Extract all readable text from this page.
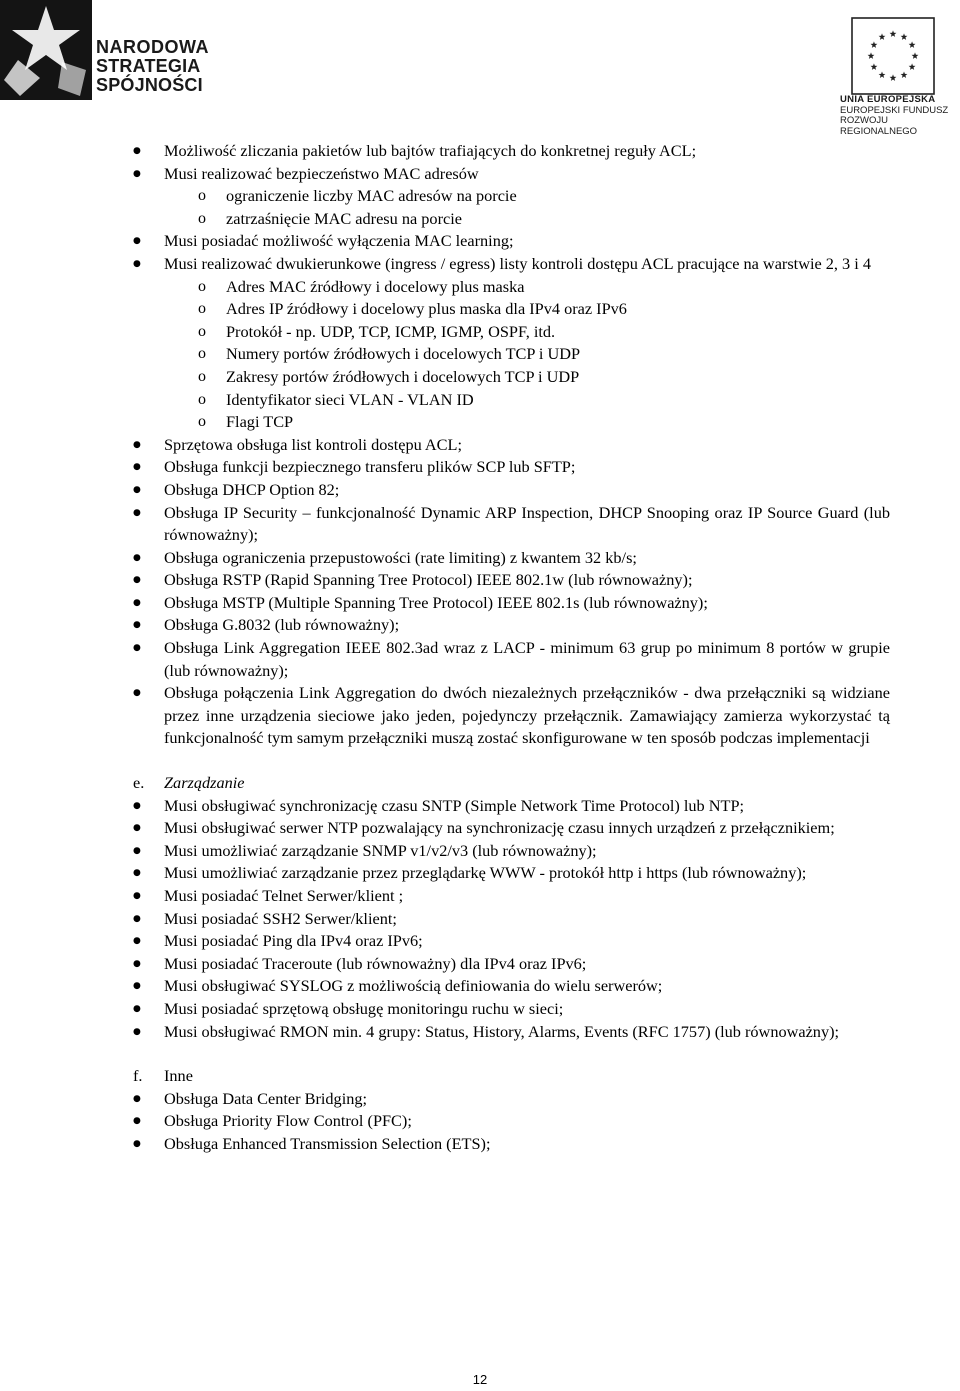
NARODOWA
STRATEGIA SPÓJNOŚCI
UNIA EUROPEJSKA
EUROPEJSKI FUNDUSZ
ROZWOJU REGIONALNEGO
● Możliwość zliczania pakietów lub bajtów trafiających do konkretnej reguły ACL;
● Musi realizować bezpieczeństwo MAC adresów
o ograniczenie liczby MAC adresów na porcie
o zatrzaśnięcie MAC adresu na porcie
● Musi posiadać możliwość wyłączenia MAC learning;
● Musi realizować dwukierunkowe (ingress / egress) listy kontroli dostępu ACL pracujące na warstwie 2, 3 i 4
o Adres MAC źródłowy i docelowy plus maska
o Adres IP źródłowy i docelowy plus maska dla IPv4 oraz IPv6
o Protokół - np. UDP, TCP, ICMP, IGMP, OSPF, itd.
o Numery portów źródłowych i docelowych TCP i UDP
o Zakresy portów źródłowych i docelowych TCP i UDP
o Identyfikator sieci VLAN - VLAN ID
o Flagi TCP
● Sprzętowa obsługa list kontroli dostępu ACL;
● Obsługa funkcji bezpiecznego transferu plików SCP lub SFTP;
● Obsługa DHCP Option 82;
● Obsługa IP Security – funkcjonalność Dynamic ARP Inspection, DHCP Snooping oraz IP Source Guard (lub równoważny);
● Obsługa ograniczenia przepustowości (rate limiting) z kwantem 32 kb/s;
● Obsługa RSTP (Rapid Spanning Tree Protocol) IEEE 802.1w (lub równoważny);
● Obsługa MSTP (Multiple Spanning Tree Protocol) IEEE 802.1s (lub równoważny);
● Obsługa G.8032 (lub równoważny);
● Obsługa Link Aggregation IEEE 802.3ad wraz z LACP - minimum 63 grup po minimum 8 portów w grupie (lub równoważny);
● Obsługa połączenia Link Aggregation do dwóch niezależnych przełączników - dwa przełączniki są widziane przez inne urządzenia sieciowe jako jeden, pojedynczy przełącznik. Zamawiający zamierza wykorzystać tą funkcjonalność tym samym przełączniki muszą zostać skonfigurowane w ten sposób podczas implementacji
e. Zarządzanie
● Musi obsługiwać synchronizację czasu SNTP (Simple Network Time Protocol) lub NTP;
● Musi obsługiwać serwer NTP pozwalający na synchronizację czasu innych urządzeń z przełącznikiem;
● Musi umożliwiać zarządzanie SNMP v1/v2/v3 (lub równoważny);
● Musi umożliwiać zarządzanie przez przeglądarkę WWW - protokół http i https (lub równoważny);
● Musi posiadać Telnet Serwer/klient ;
● Musi posiadać SSH2 Serwer/klient;
● Musi posiadać Ping dla IPv4 oraz IPv6;
● Musi posiadać Traceroute (lub równoważny) dla IPv4 oraz IPv6;
● Musi obsługiwać SYSLOG z możliwością definiowania do wielu serwerów;
● Musi posiadać sprzętową obsługę monitoringu ruchu w sieci;
● Musi obsługiwać RMON min. 4 grupy: Status, History, Alarms, Events (RFC 1757) (lub równoważny);
f. Inne
● Obsługa Data Center Bridging;
● Obsługa Priority Flow Control (PFC);
● Obsługa Enhanced Transmission Selection (ETS);
12
